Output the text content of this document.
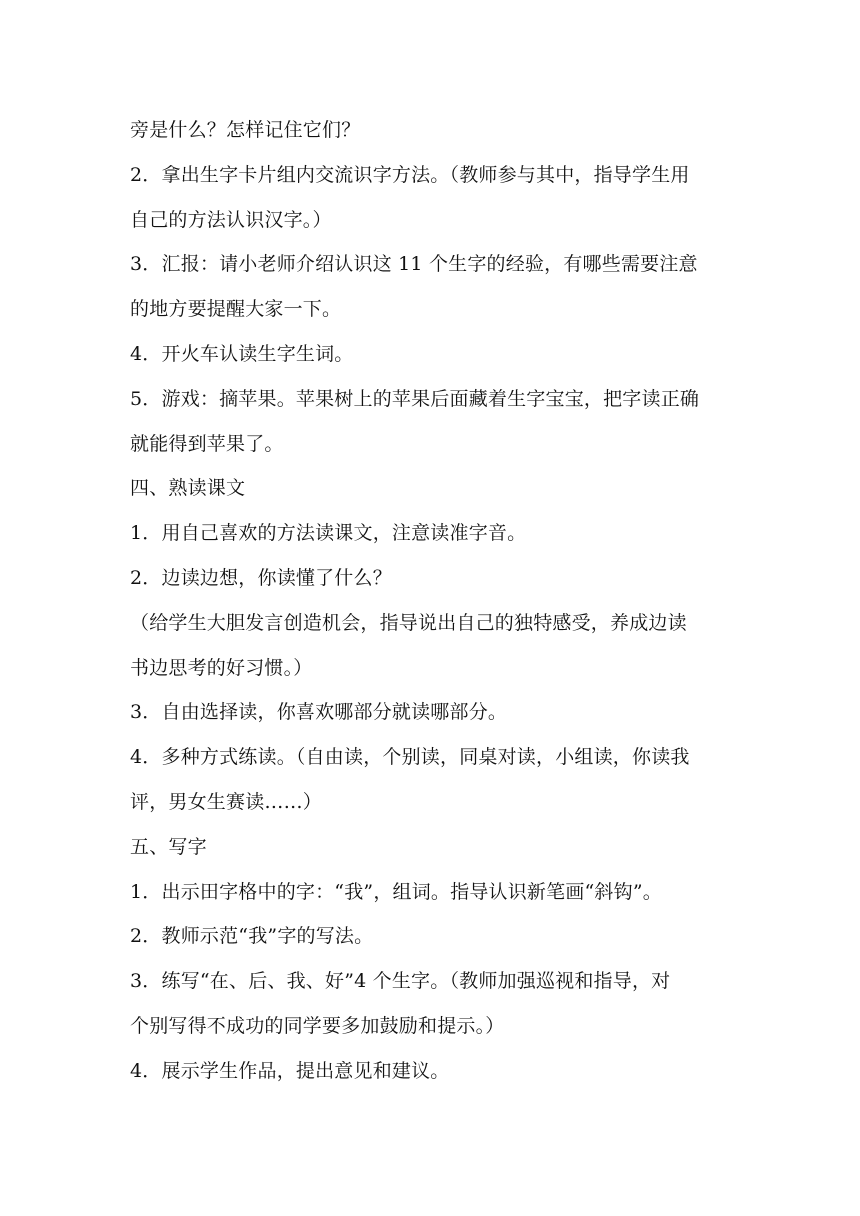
旁是什么？怎样记住它们？
2．拿出生字卡片组内交流识字方法。（教师参与其中，指导学生用
自己的方法认识汉字。）
3．汇报：请小老师介绍认识这 11 个生字的经验，有哪些需要注意
的地方要提醒大家一下。
4．开火车认读生字生词。
5．游戏：摘苹果。苹果树上的苹果后面藏着生字宝宝，把字读正确
就能得到苹果了。
四、熟读课文
1．用自己喜欢的方法读课文，注意读准字音。
2．边读边想，你读懂了什么？
（给学生大胆发言创造机会，指导说出自己的独特感受，养成边读
书边思考的好习惯。）
3．自由选择读，你喜欢哪部分就读哪部分。
4．多种方式练读。（自由读，个别读，同桌对读，小组读，你读我
评，男女生赛读……）
五、写字
1．出示田字格中的字：“我”，组词。指导认识新笔画“斜钩”。
2．教师示范“我”字的写法。
3．练写“在、后、我、好”4 个生字。（教师加强巡视和指导，对
个别写得不成功的同学要多加鼓励和提示。）
4．展示学生作品，提出意见和建议。
